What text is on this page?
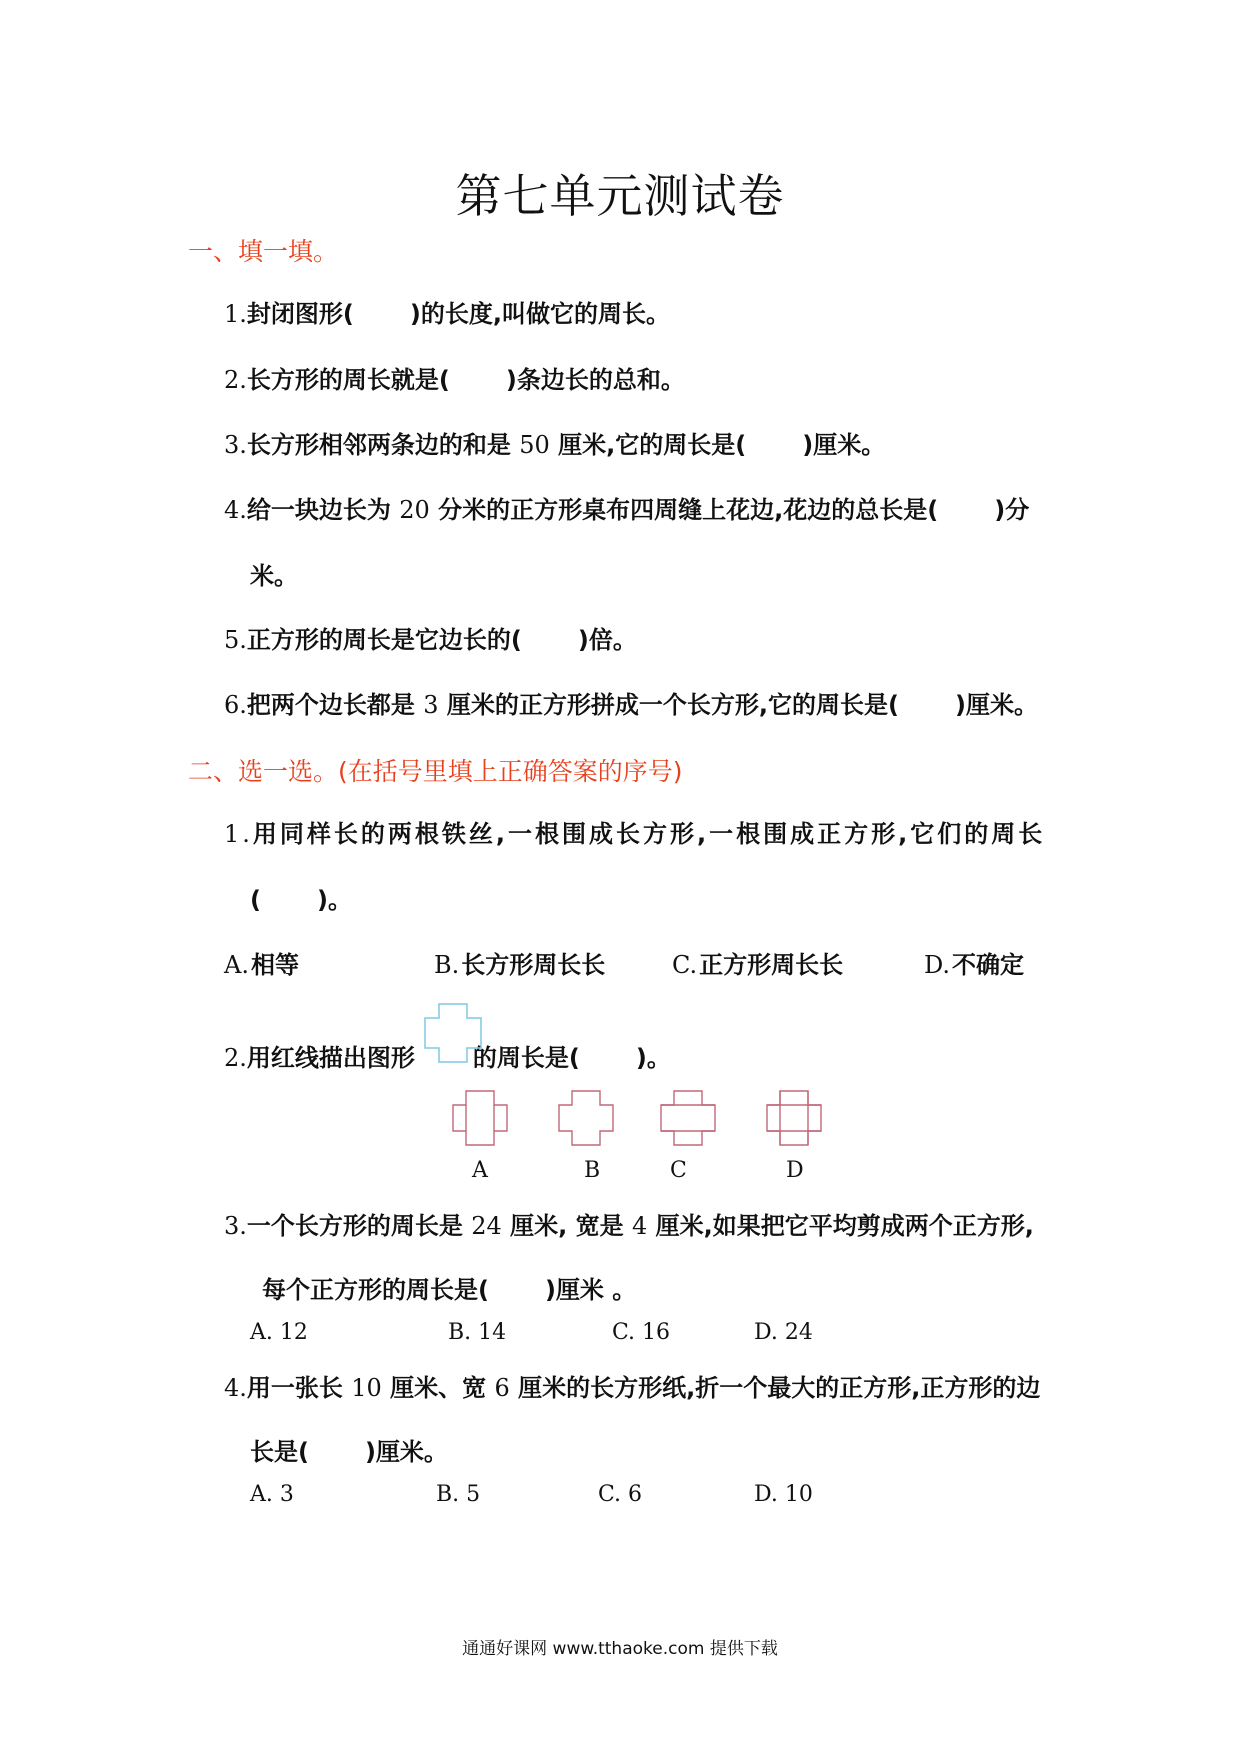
第七单元测试卷
一、填一填。
1.封闭图形( )的长度,叫做它的周长。
2.长方形的周长就是( )条边长的总和。
3.长方形相邻两条边的和是 50 厘米,它的周长是( )厘米。
4.给一块边长为 20 分米的正方形桌布四周缝上花边,花边的总长是( )分
米。
5.正方形的周长是它边长的( )倍。
6.把两个边长都是 3 厘米的正方形拼成一个长方形,它的周长是( )厘米。
二、选一选。(在括号里填上正确答案的序号)
1.用同样长的两根铁丝,一根围成长方形,一根围成正方形,它们的周长
( )。
A.相等	B.长方形周长长	C.正方形周长长	D.不确定
2.用红线描出图形 的周长是( )。
A	B	C	D
3.一个长方形的周长是 24 厘米, 宽是 4 厘米,如果把它平均剪成两个正方形,
每个正方形的周长是( )厘米 。
A. 12	B. 14	C. 16	D. 24
4.用一张长 10 厘米、宽 6 厘米的长方形纸,折一个最大的正方形,正方形的边
长是( )厘米。
A. 3	B. 5	C. 6	D. 10
通通好课网 www.tthaoke.com 提供下载
